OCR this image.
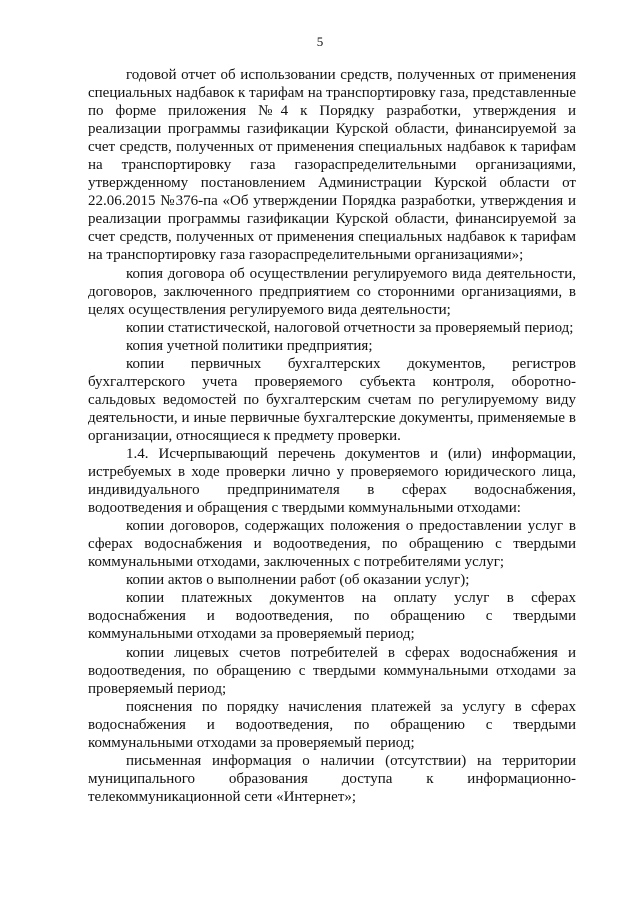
5

годовой отчет об использовании средств, полученных от применения специальных надбавок к тарифам на транспортировку газа, представленные по форме приложения №4 к Порядку разработки, утверждения и реализации программы газификации Курской области, финансируемой за счет средств, полученных от применения специальных надбавок к тарифам на транспортировку газа газораспределительными организациями, утвержденному постановлением Администрации Курской области от 22.06.2015 №376-па «Об утверждении Порядка разработки, утверждения и реализации программы газификации Курской области, финансируемой за счет средств, полученных от применения специальных надбавок к тарифам на транспортировку газа газораспределительными организациями»;

копия договора об осуществлении регулируемого вида деятельности, договоров, заключенного предприятием со сторонними организациями, в целях осуществления регулируемого вида деятельности;

копии статистической, налоговой отчетности за проверяемый период;

копия учетной политики предприятия;

копии первичных бухгалтерских документов, регистров бухгалтерского учета проверяемого субъекта контроля, оборотно-сальдовых ведомостей по бухгалтерским счетам по регулируемому виду деятельности, и иные первичные бухгалтерские документы, применяемые в организации, относящиеся к предмету проверки.

1.4. Исчерпывающий перечень документов и (или) информации, истребуемых в ходе проверки лично у проверяемого юридического лица, индивидуального предпринимателя в сферах водоснабжения, водоотведения и обращения с твердыми коммунальными отходами:

копии договоров, содержащих положения о предоставлении услуг в сферах водоснабжения и водоотведения, по обращению с твердыми коммунальными отходами, заключенных с потребителями услуг;

копии актов о выполнении работ (об оказании услуг);

копии платежных документов на оплату услуг в сферах водоснабжения и водоотведения, по обращению с твердыми коммунальными отходами за проверяемый период;

копии лицевых счетов потребителей в сферах водоснабжения и водоотведения, по обращению с твердыми коммунальными отходами за проверяемый период;

пояснения по порядку начисления платежей за услугу в сферах водоснабжения и водоотведения, по обращению с твердыми коммунальными отходами за проверяемый период;

письменная информация о наличии (отсутствии) на территории муниципального образования доступа к информационно-телекоммуникационной сети «Интернет»;
